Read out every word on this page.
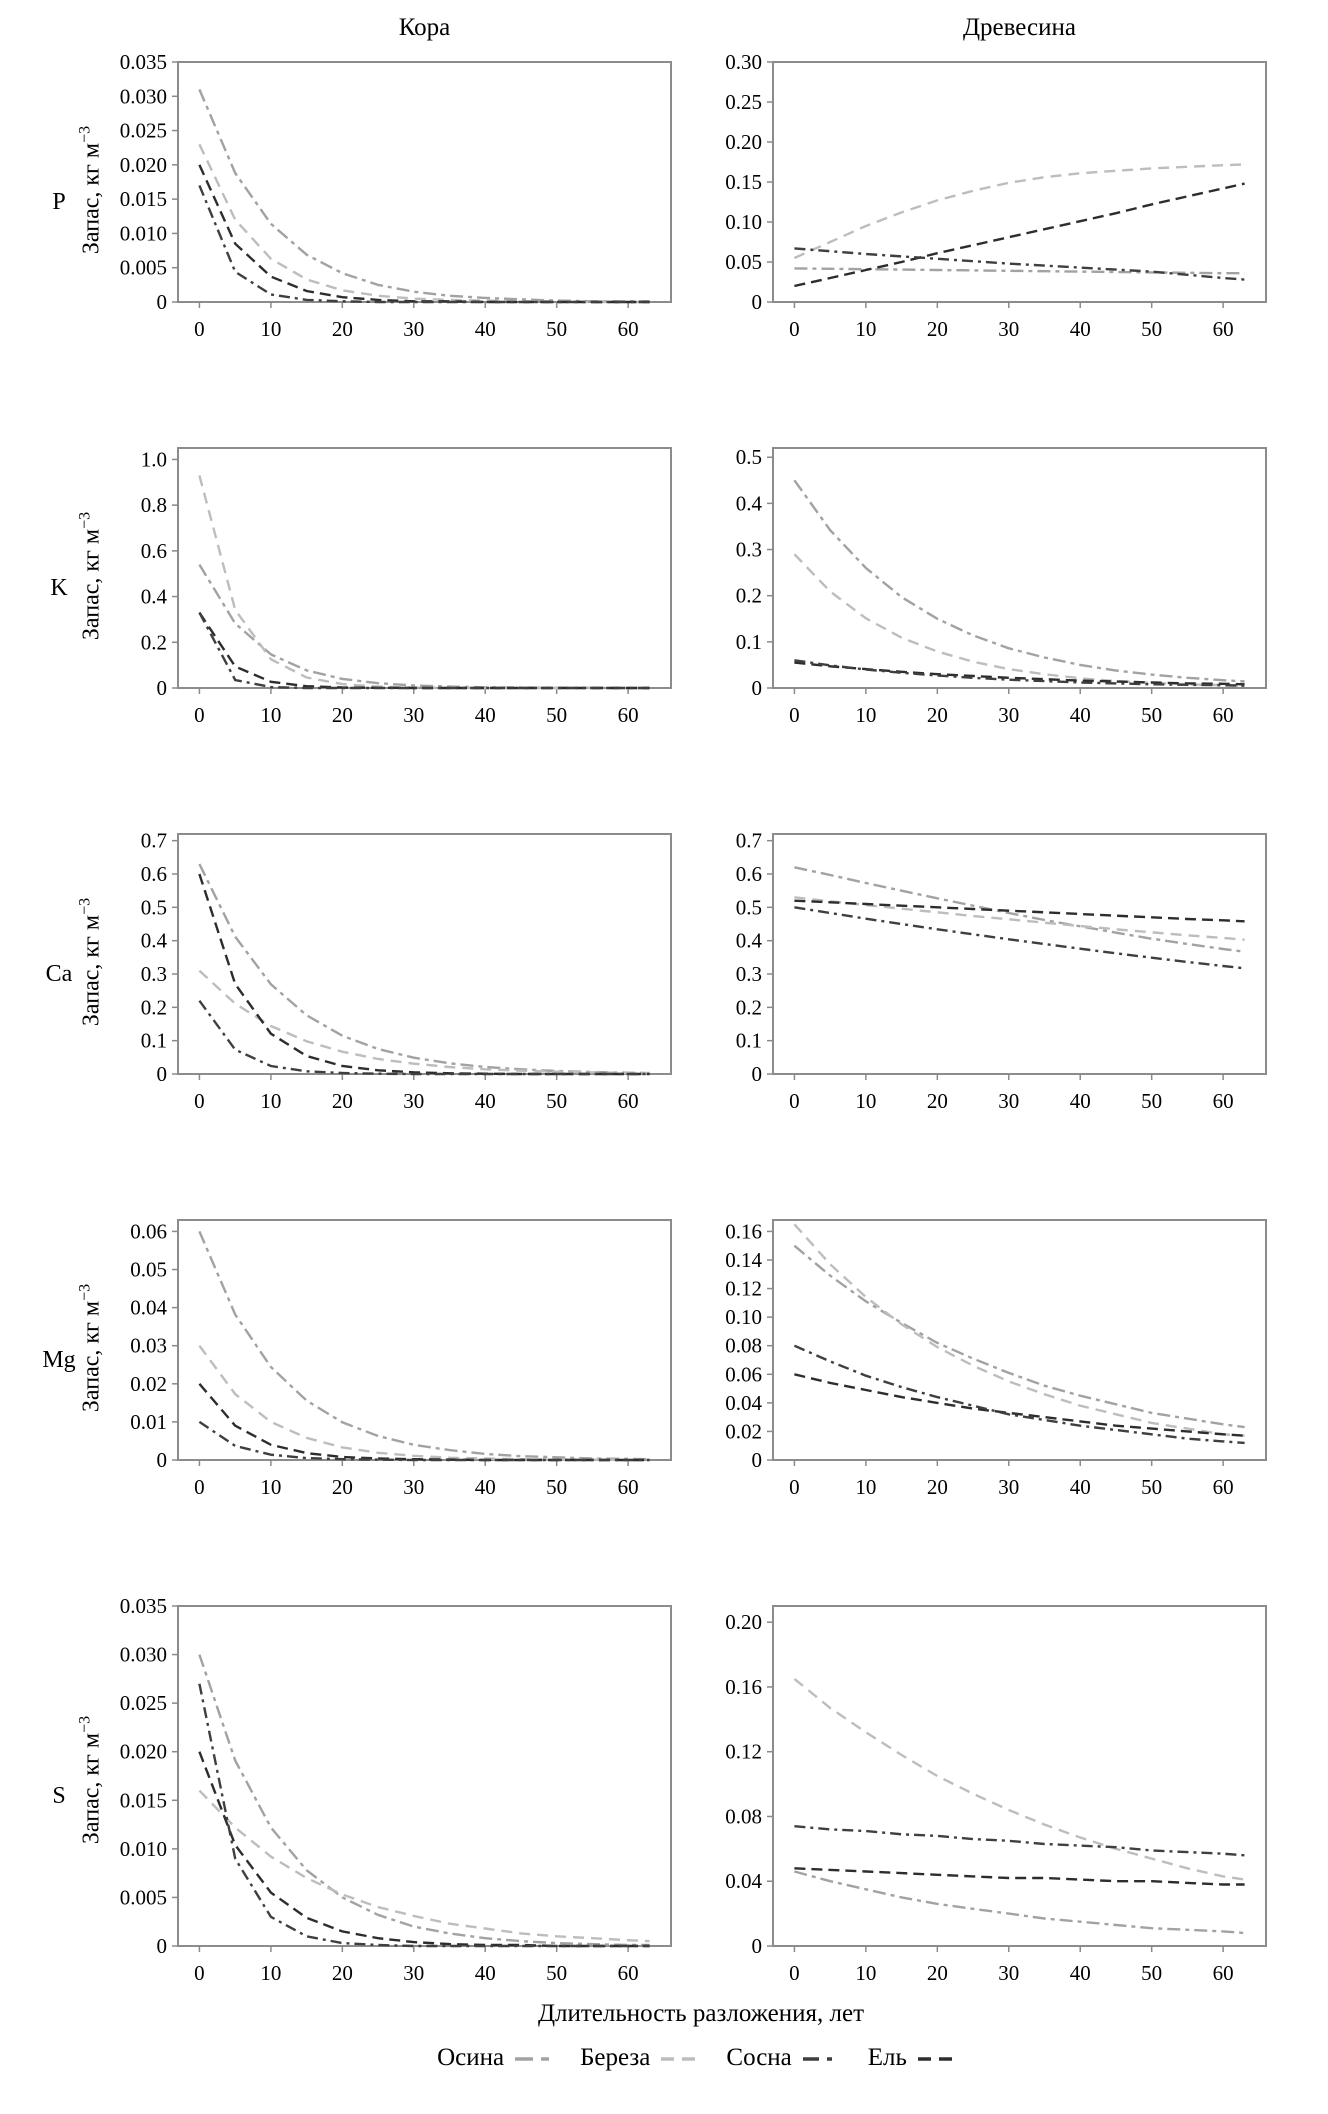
Кора	Древесина
P Запас, кг $м^{-3}$
0
0.005
0.010
0.015
0.020
0.025
0.030
0.035
0	10 20 30 40 50 60
0
0.05
0.10
0.15
0.20
0.25
0.30
0	10 20 30 40 50 60
K Запас, кг $м^{-3}$
0
0.2
0.4
0.6
0.8
1.0
0	10 20 30 40 50 60
0
0.1
0.2
0.3
0.4
0.5
0	10 20 30 40 50 60
Ca Запас, кг $м^{-3}$
0
0.1
0.2
0.3
0.4
0.5
0.6
0.7
0	10 20 30 40 50 60
0
0.1
0.2
0.3
0.4
0.5
0.6
0.7
0	10 20 30 40 50 60
Mg Запас, кг $м^{-3}$
0
0.01
0.02
0.03
0.04
0.05
0.06
0	10 20 30 40 50 60
0
0.02
0.04
0.06
0.08
0.10
0.12
0.14
0.16
0	10 20 30 40 50 60
S Запас, кг $м^{-3}$
0
0.005
0.010
0.015
0.020
0.025
0.030
0.035
0	10 20 30 40 50 60
0
0.04
0.08
0.12
0.16
0.20
0	10 20 30 40 50 60
Длительность разложения, лет
Осина	Береза	Сосна	Ель
